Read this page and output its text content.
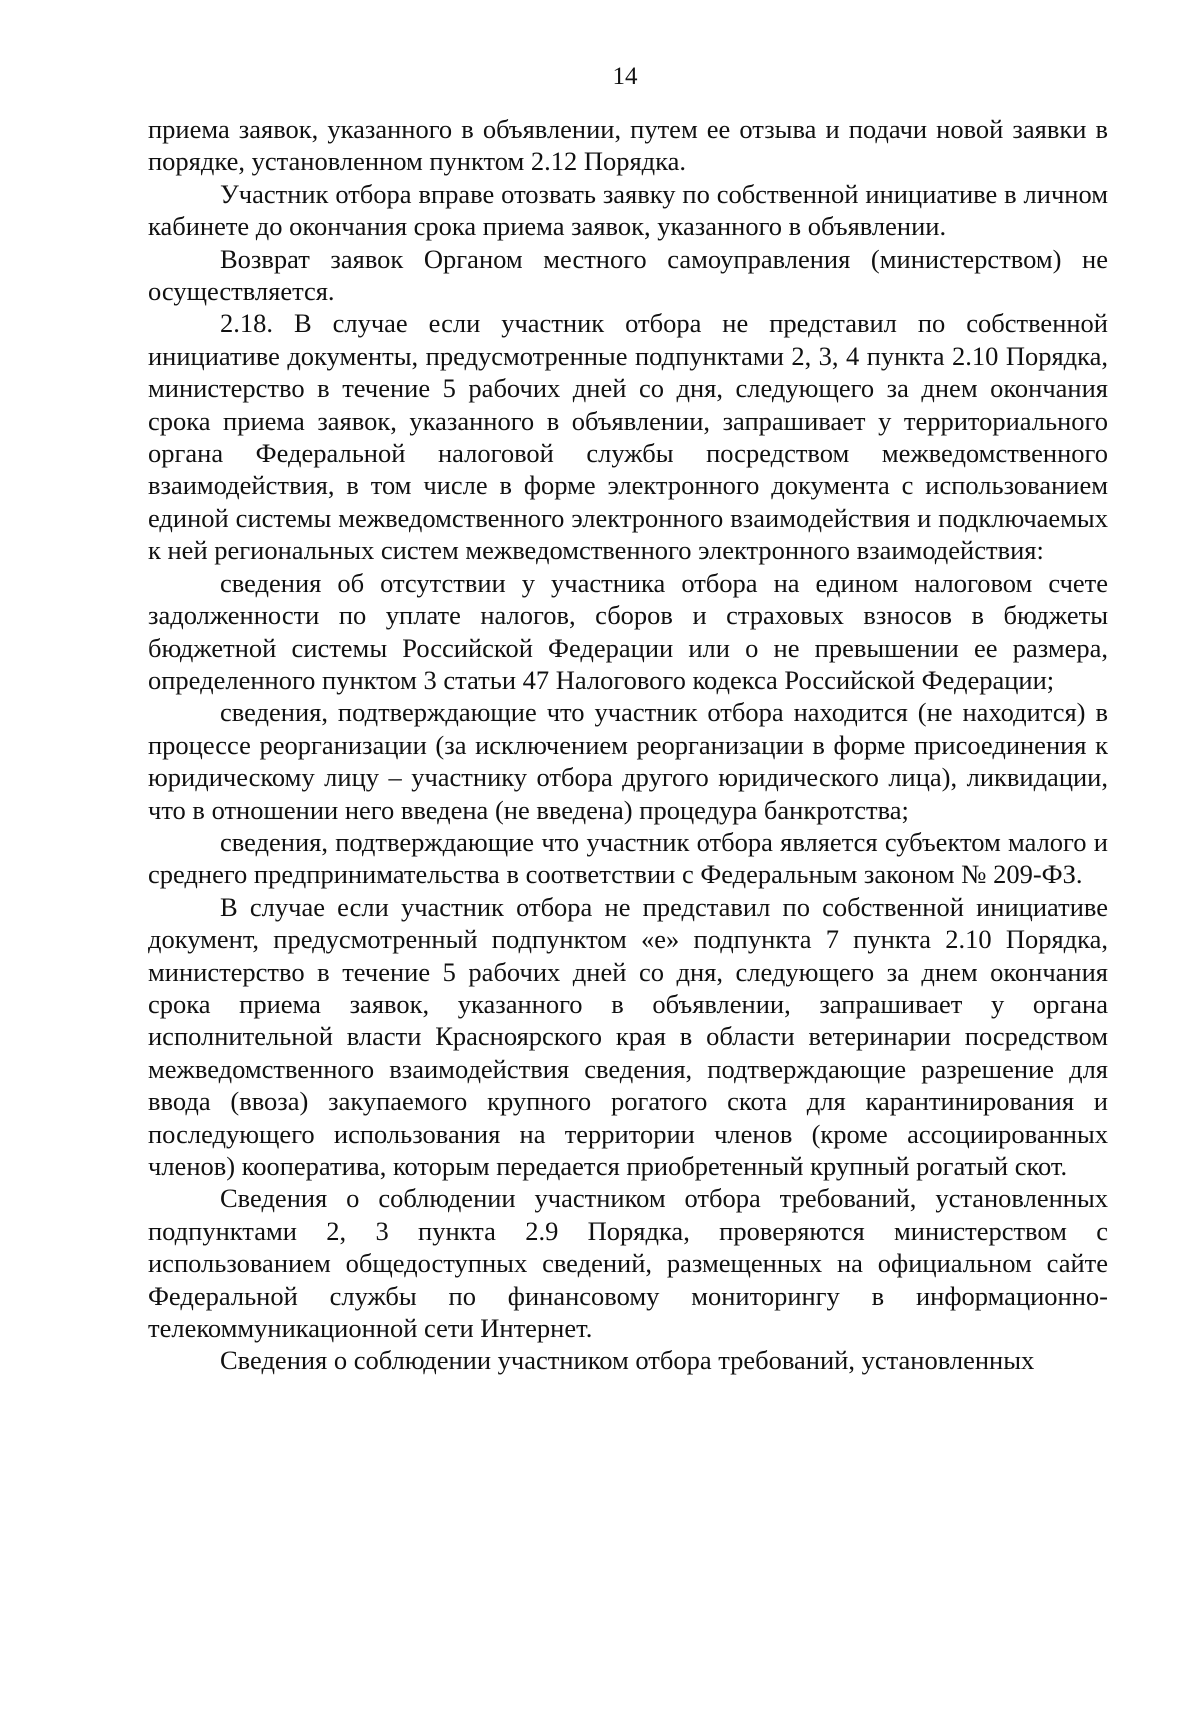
14

приема заявок, указанного в объявлении, путем ее отзыва и подачи новой заявки в порядке, установленном пунктом 2.12 Порядка.

Участник отбора вправе отозвать заявку по собственной инициативе в личном кабинете до окончания срока приема заявок, указанного в объявлении.

Возврат заявок Органом местного самоуправления (министерством) не осуществляется.

2.18. В случае если участник отбора не представил по собственной инициативе документы, предусмотренные подпунктами 2, 3, 4 пункта 2.10 Порядка, министерство в течение 5 рабочих дней со дня, следующего за днем окончания срока приема заявок, указанного в объявлении, запрашивает у территориального органа Федеральной налоговой службы посредством межведомственного взаимодействия, в том числе в форме электронного документа с использованием единой системы межведомственного электронного взаимодействия и подключаемых к ней региональных систем межведомственного электронного взаимодействия:

сведения об отсутствии у участника отбора на едином налоговом счете задолженности по уплате налогов, сборов и страховых взносов в бюджеты бюджетной системы Российской Федерации или о не превышении ее размера, определенного пунктом 3 статьи 47 Налогового кодекса Российской Федерации;

сведения, подтверждающие что участник отбора находится (не находится) в процессе реорганизации (за исключением реорганизации в форме присоединения к юридическому лицу – участнику отбора другого юридического лица), ликвидации, что в отношении него введена (не введена) процедура банкротства;

сведения, подтверждающие что участник отбора является субъектом малого и среднего предпринимательства в соответствии с Федеральным законом № 209-ФЗ.

В случае если участник отбора не представил по собственной инициативе документ, предусмотренный подпунктом «е» подпункта 7 пункта 2.10 Порядка, министерство в течение 5 рабочих дней со дня, следующего за днем окончания срока приема заявок, указанного в объявлении, запрашивает у органа исполнительной власти Красноярского края в области ветеринарии посредством межведомственного взаимодействия сведения, подтверждающие разрешение для ввода (ввоза) закупаемого крупного рогатого скота для карантинирования и последующего использования на территории членов (кроме ассоциированных членов) кооператива, которым передается приобретенный крупный рогатый скот.

Сведения о соблюдении участником отбора требований, установленных подпунктами 2, 3 пункта 2.9 Порядка, проверяются министерством с использованием общедоступных сведений, размещенных на официальном сайте Федеральной службы по финансовому мониторингу в информационно-телекоммуникационной сети Интернет.

Сведения о соблюдении участником отбора требований, установленных
